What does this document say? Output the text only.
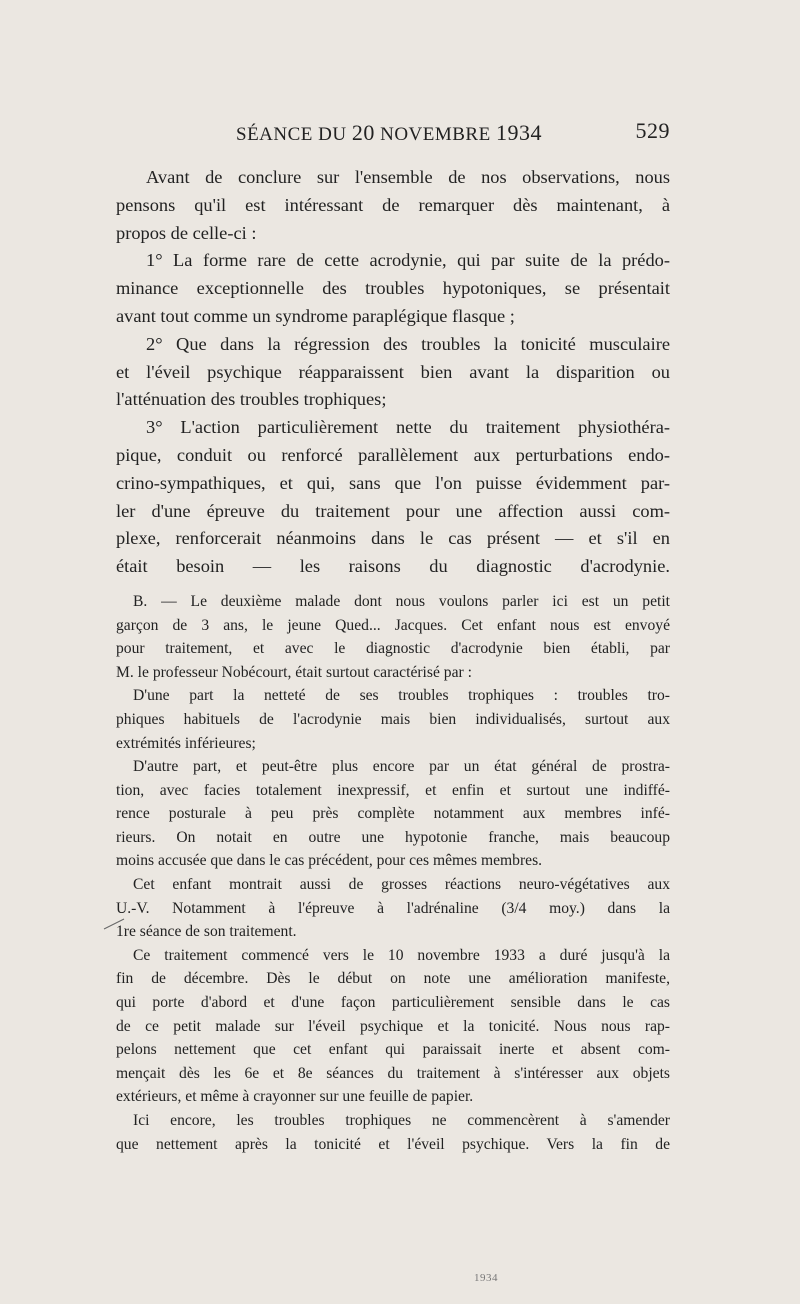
SÉANCE DU 20 NOVEMBRE 1934	529

Avant de conclure sur l'ensemble de nos observations, nous

pensons qu'il est intéressant de remarquer dès maintenant, à

propos de celle-ci :

1° La forme rare de cette acrodynie, qui par suite de la prédo-

minance exceptionnelle des troubles hypotoniques, se présentait

avant tout comme un syndrome paraplégique flasque ;

2° Que dans la régression des troubles la tonicité musculaire

et l'éveil psychique réapparaissent bien avant la disparition ou

l'atténuation des troubles trophiques;

3° L'action particulièrement nette du traitement physiothéra-

pique, conduit ou renforcé parallèlement aux perturbations endo-

crino-sympathiques, et qui, sans que l'on puisse évidemment par-

ler d'une épreuve du traitement pour une affection aussi com-

plexe, renforcerait néanmoins dans le cas présent — et s'il en

était besoin — les raisons du diagnostic d'acrodynie.

B. — Le deuxième malade dont nous voulons parler ici est un petit

garçon de 3 ans, le jeune Qued... Jacques. Cet enfant nous est envoyé

pour traitement, et avec le diagnostic d'acrodynie bien établi, par

M. le professeur Nobécourt, était surtout caractérisé par :

D'une part la netteté de ses troubles trophiques : troubles tro-

phiques habituels de l'acrodynie mais bien individualisés, surtout aux

extrémités inférieures;

D'autre part, et peut-être plus encore par un état général de prostra-

tion, avec facies totalement inexpressif, et enfin et surtout une indiffé-

rence posturale à peu près complète notamment aux membres infé-

rieurs. On notait en outre une hypotonie franche, mais beaucoup

moins accusée que dans le cas précédent, pour ces mêmes membres.

Cet enfant montrait aussi de grosses réactions neuro-végétatives aux

U.-V. Notamment à l'épreuve à l'adrénaline (3/4 moy.) dans la

1re séance de son traitement.

Ce traitement commencé vers le 10 novembre 1933 a duré jusqu'à la

fin de décembre. Dès le début on note une amélioration manifeste,

qui porte d'abord et d'une façon particulièrement sensible dans le cas

de ce petit malade sur l'éveil psychique et la tonicité. Nous nous rap-

pelons nettement que cet enfant qui paraissait inerte et absent com-

mençait dès les 6e et 8e séances du traitement à s'intéresser aux objets

extérieurs, et même à crayonner sur une feuille de papier.

Ici encore, les troubles trophiques ne commencèrent à s'amender

que nettement après la tonicité et l'éveil psychique. Vers la fin de

1934
